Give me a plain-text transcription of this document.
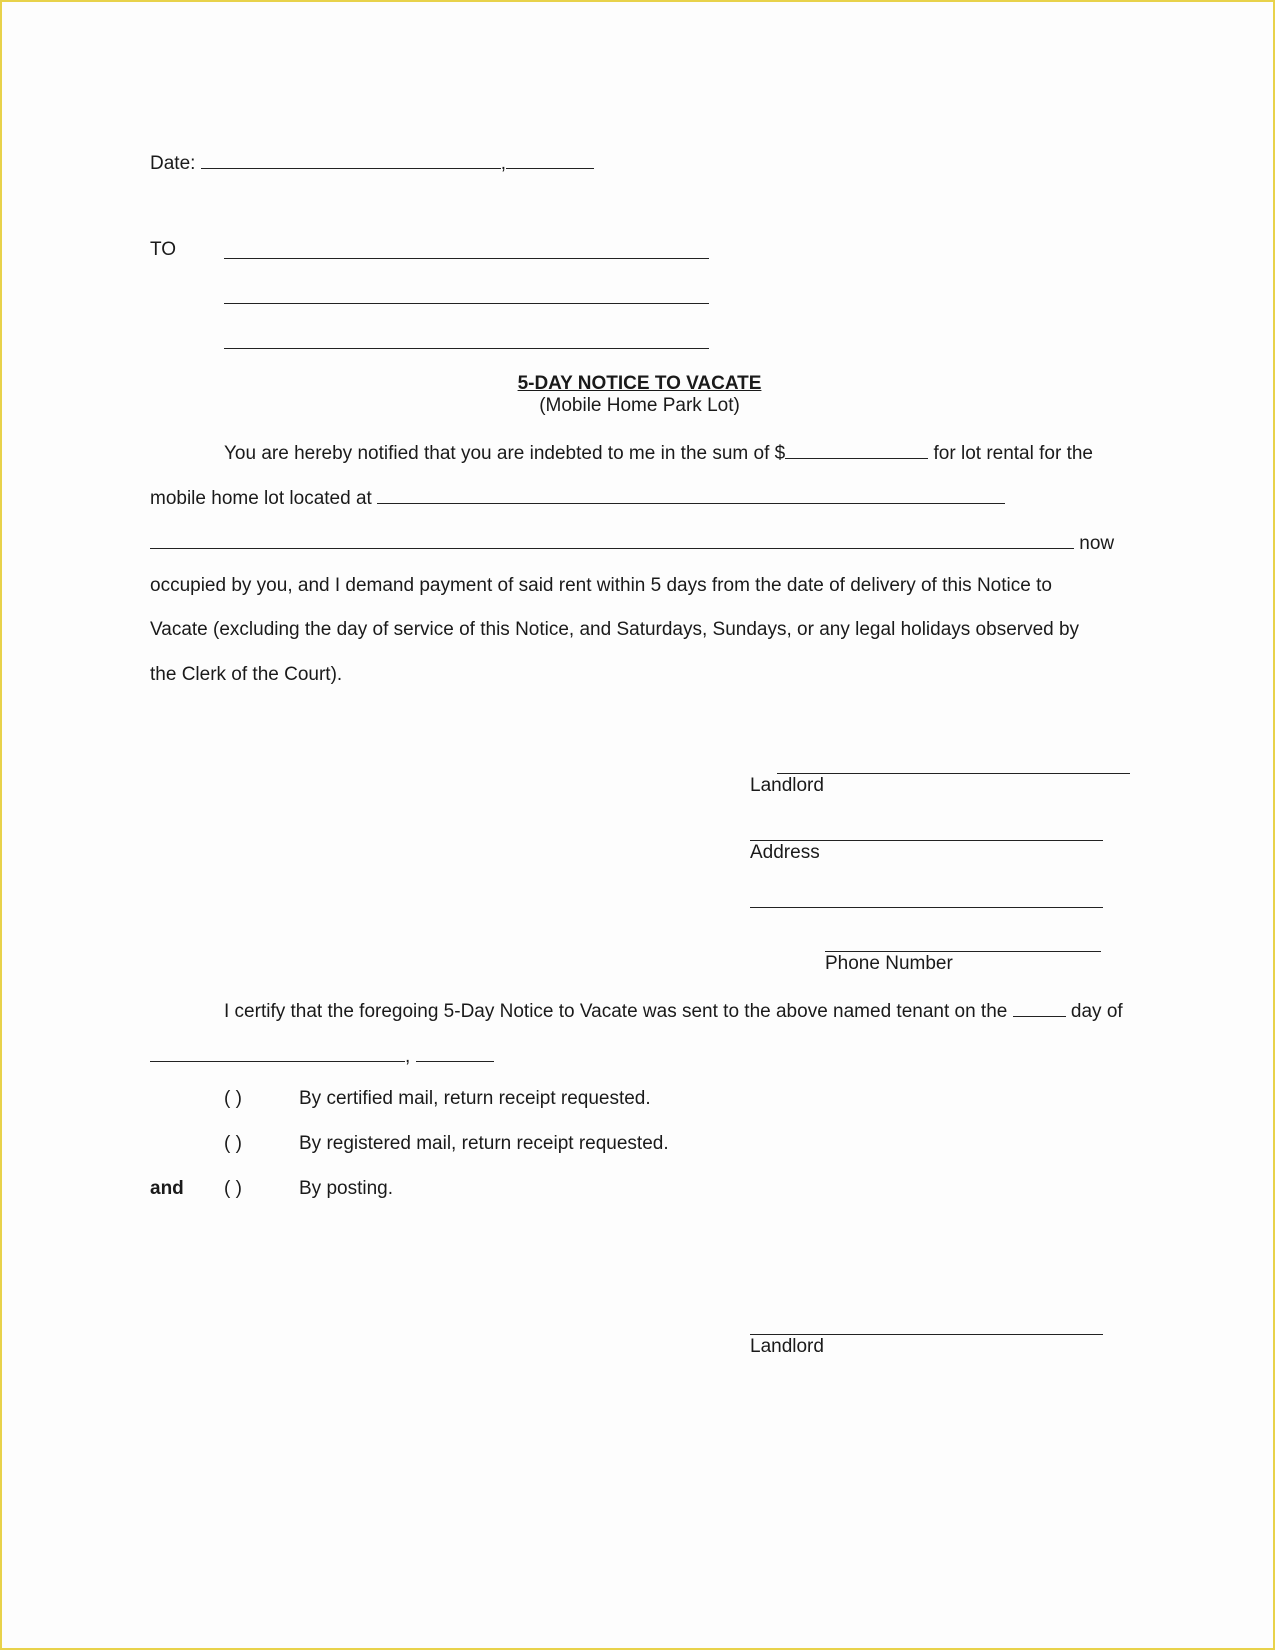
Date:	,
TO
5-DAY NOTICE TO VACATE
(Mobile Home Park Lot)
You are hereby notified that you are indebted to me in the sum of $	for lot rental for the
mobile home lot located at
now
occupied by you, and I demand payment of said rent within 5 days from the date of delivery of this Notice to
Vacate (excluding the day of service of this Notice, and Saturdays, Sundays, or any legal holidays observed by
the Clerk of the Court).
Landlord
Address
Phone Number
I certify that the foregoing 5-Day Notice to Vacate was sent to the above named tenant on the	day of
,
( )	By certified mail, return receipt requested.
( )	By registered mail, return receipt requested.
and ( )	By posting.
Landlord
